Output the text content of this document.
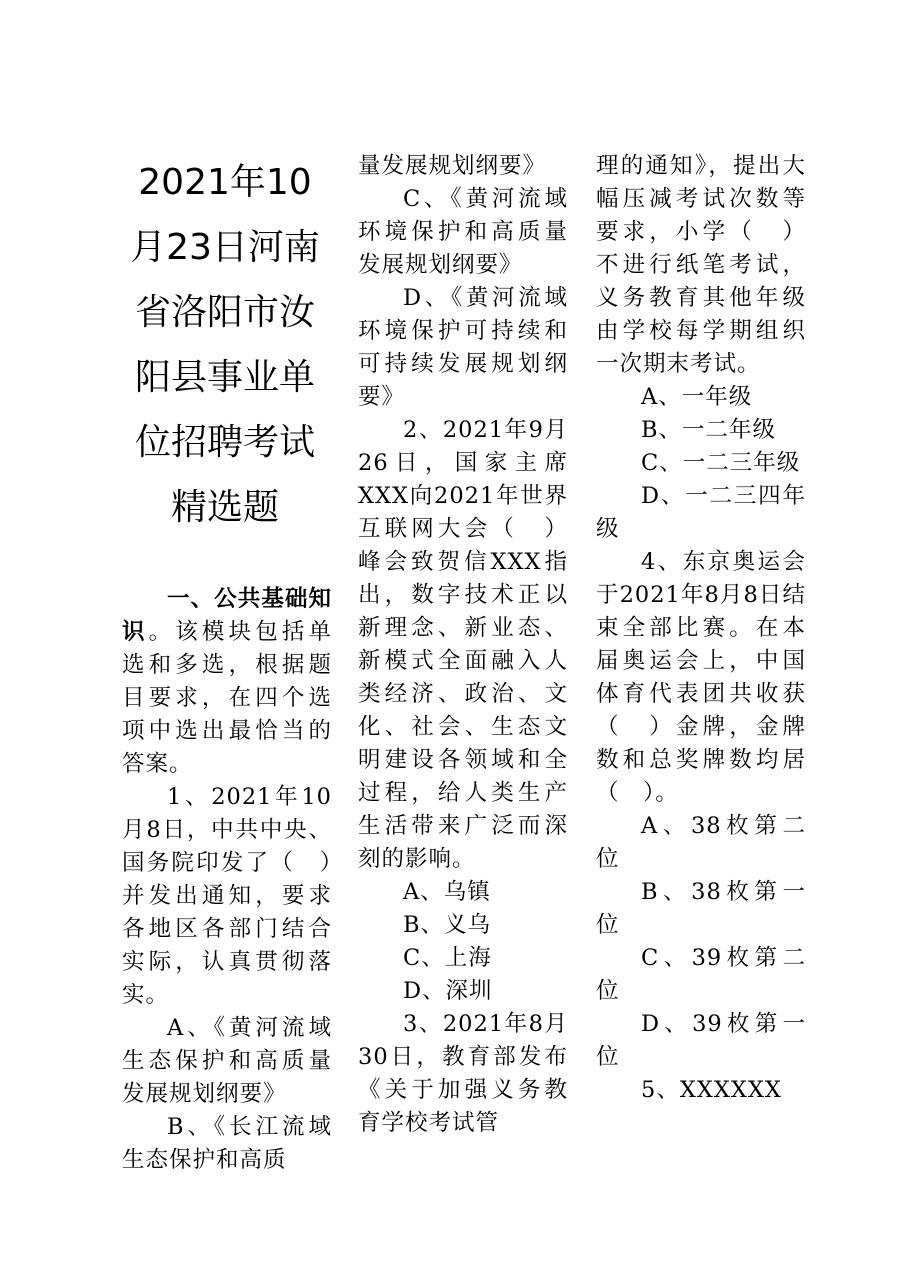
2021年10月23日河南省洛阳市汝阳县事业单位招聘考试精选题

一、公共基础知识。该模块包括单选和多选，根据题目要求，在四个选项中选出最恰当的答案。

1、2021年10月8日，中共中央、国务院印发了（　）并发出通知，要求各地区各部门结合实际，认真贯彻落实。

A、《黄河流域生态保护和高质量发展规划纲要》

B、《长江流域生态保护和高质

量发展规划纲要》

C、《黄河流域环境保护和高质量发展规划纲要》

D、《黄河流域环境保护可持续和可持续发展规划纲要》

2、2021年9月26日，国家主席XXX向2021年世界互联网大会（　）峰会致贺信XXX指出，数字技术正以新理念、新业态、新模式全面融入人类经济、政治、文化、社会、生态文明建设各领域和全过程，给人类生产生活带来广泛而深刻的影响。

A、乌镇

B、义乌

C、上海

D、深圳

3、2021年8月30日，教育部发布《关于加强义务教育学校考试管

理的通知》，提出大幅压减考试次数等要求，小学（　）不进行纸笔考试，义务教育其他年级由学校每学期组织一次期末考试。

A、一年级

B、一二年级

C、一二三年级

D、一二三四年级

4、东京奥运会于2021年8月8日结束全部比赛。在本届奥运会上，中国体育代表团共收获（　）金牌，金牌数和总奖牌数均居（　）。

A、38枚第二位

B、38枚第一位

C、39枚第二位

D、39枚第一位

5、XXXXXX
